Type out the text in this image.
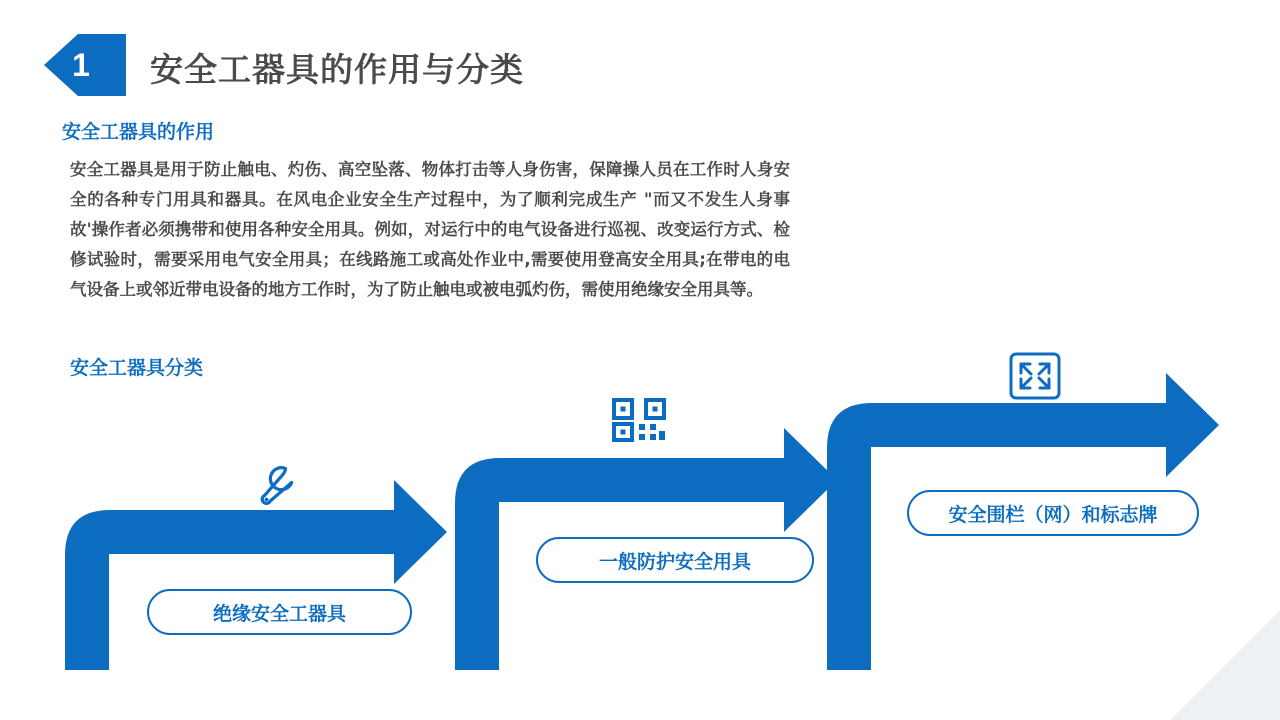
1	安全工器具的作用与分类
安全工器具的作用
安全工器具是用于防止触电、灼伤、高空坠落、物体打击等人身伤害，保障操人员在工作时人身安全的各种专门用具和器具。在风电企业安全生产过程中，为了顺利完成生产 "而又不发生人身事故'操作者必须携带和使用各种安全用具。例如，对运行中的电气设备进行巡视、改变运行方式、检修试验时，需要采用电气安全用具；在线路施工或高处作业中,需要使用登高安全用具;在带电的电气设备上或邻近带电设备的地方工作时，为了防止触电或被电弧灼伤，需使用绝缘安全用具等。
安全工器具分类
绝缘安全工器具
一般防护安全用具
安全围栏（网）和标志牌
